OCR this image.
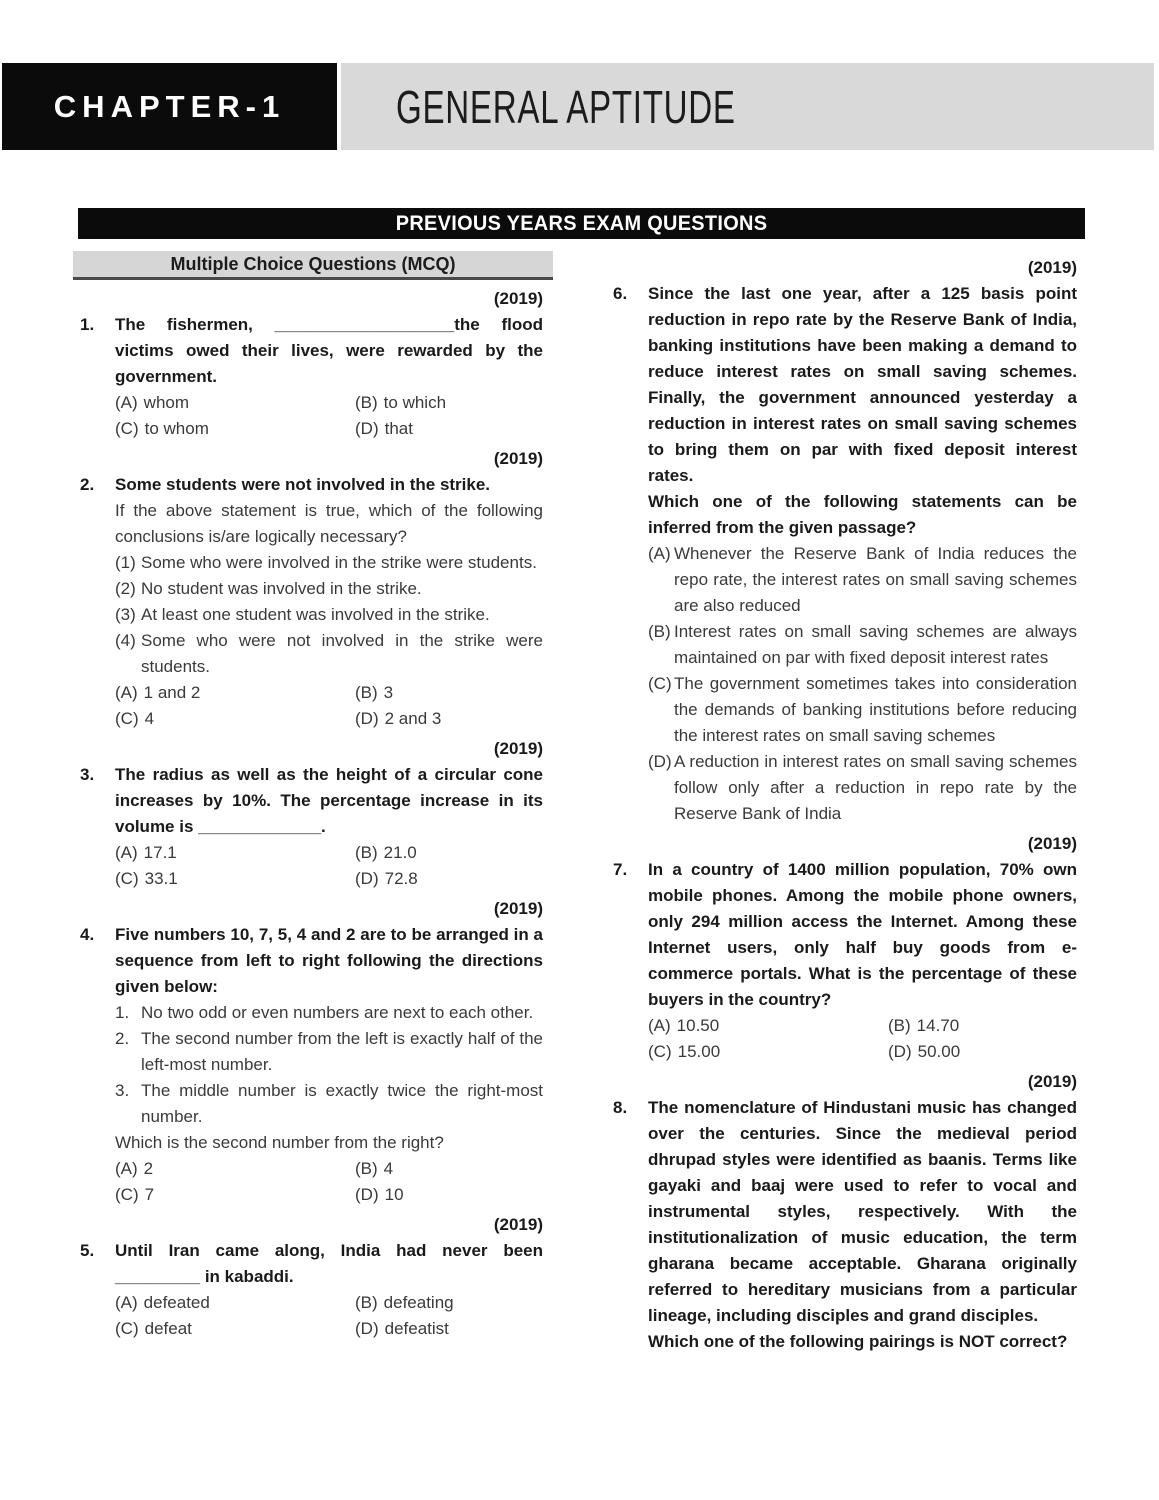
CHAPTER-1 GENERAL APTITUDE
PREVIOUS YEARS EXAM QUESTIONS
Multiple Choice Questions (MCQ)
(2019)
1. The fishermen, ___________________the flood victims owed their lives, were rewarded by the government.
(A) whom	(B) to which
(C) to whom	(D) that
(2019)
2. Some students were not involved in the strike.
If the above statement is true, which of the following conclusions is/are logically necessary?
(1) Some who were involved in the strike were students.
(2) No student was involved in the strike.
(3) At least one student was involved in the strike.
(4) Some who were not involved in the strike were students.
(A) 1 and 2	(B) 3
(C) 4	(D) 2 and 3
(2019)
3. The radius as well as the height of a circular cone increases by 10%. The percentage increase in its volume is _____________.
(A) 17.1	(B) 21.0
(C) 33.1	(D) 72.8
(2019)
4. Five numbers 10, 7, 5, 4 and 2 are to be arranged in a sequence from left to right following the directions given below:
1. No two odd or even numbers are next to each other.
2. The second number from the left is exactly half of the left-most number.
3. The middle number is exactly twice the right-most number.
Which is the second number from the right?
(A) 2	(B) 4
(C) 7	(D) 10
(2019)
5. Until Iran came along, India had never been _________ in kabaddi.
(A) defeated	(B) defeating
(C) defeat	(D) defeatist
(2019)
6. Since the last one year, after a 125 basis point reduction in repo rate by the Reserve Bank of India, banking institutions have been making a demand to reduce interest rates on small saving schemes. Finally, the government announced yesterday a reduction in interest rates on small saving schemes to bring them on par with fixed deposit interest rates.
Which one of the following statements can be inferred from the given passage?
(A) Whenever the Reserve Bank of India reduces the repo rate, the interest rates on small saving schemes are also reduced
(B) Interest rates on small saving schemes are always maintained on par with fixed deposit interest rates
(C) The government sometimes takes into consideration the demands of banking institutions before reducing the interest rates on small saving schemes
(D) A reduction in interest rates on small saving schemes follow only after a reduction in repo rate by the Reserve Bank of India
(2019)
7. In a country of 1400 million population, 70% own mobile phones. Among the mobile phone owners, only 294 million access the Internet. Among these Internet users, only half buy goods from e-commerce portals. What is the percentage of these buyers in the country?
(A) 10.50	(B) 14.70
(C) 15.00	(D) 50.00
(2019)
8. The nomenclature of Hindustani music has changed over the centuries. Since the medieval period dhrupad styles were identified as baanis. Terms like gayaki and baaj were used to refer to vocal and instrumental styles, respectively. With the institutionalization of music education, the term gharana became acceptable. Gharana originally referred to hereditary musicians from a particular lineage, including disciples and grand disciples.
Which one of the following pairings is NOT correct?
